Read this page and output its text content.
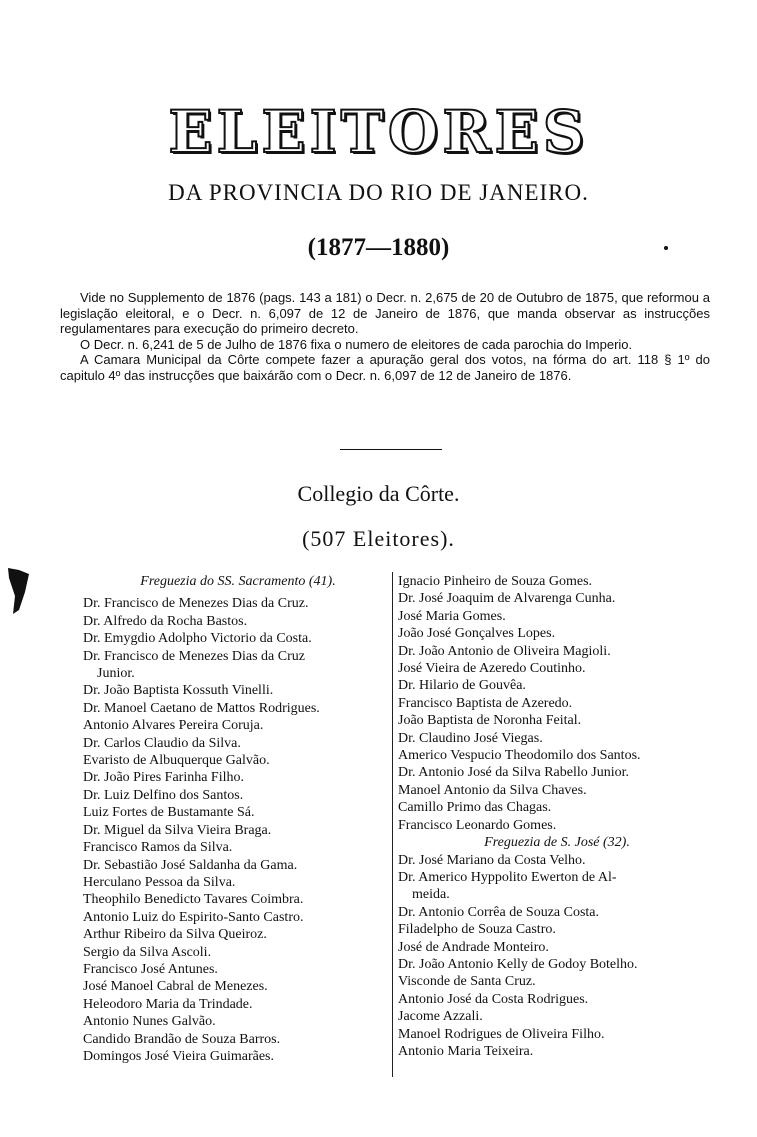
ELEITORES
DA PROVINCIA DO RIO DE JANEIRO.
(1877—1880)

Vide no Supplemento de 1876 (pags. 143 a 181) o Decr. n. 2,675 de 20 de Outubro de 1875, que reformou a legislação eleitoral, e o Decr. n. 6,097 de 12 de Janeiro de 1876, que manda observar as instrucções regulamentares para execução do primeiro decreto.

O Decr. n. 6,241 de 5 de Julho de 1876 fixa o numero de eleitores de cada parochia do Imperio.

A Camara Municipal da Côrte compete fazer a apuração geral dos votos, na fórma do art. 118 § 1º do capitulo 4º das instrucções que baixárão com o Decr. n. 6,097 de 12 de Janeiro de 1876.

Collegio da Côrte.
(507 Eleitores).
Freguezia do SS. Sacramento (41).
Dr. Francisco de Menezes Dias da Cruz.
Dr. Alfredo da Rocha Bastos.
Dr. Emygdio Adolpho Victorio da Costa.
Dr. Francisco de Menezes Dias da Cruz
Junior.
Dr. João Baptista Kossuth Vinelli.
Dr. Manoel Caetano de Mattos Rodrigues.
Antonio Alvares Pereira Coruja.
Dr. Carlos Claudio da Silva.
Evaristo de Albuquerque Galvão.
Dr. João Pires Farinha Filho.
Dr. Luiz Delfino dos Santos.
Luiz Fortes de Bustamante Sá.
Dr. Miguel da Silva Vieira Braga.
Francisco Ramos da Silva.
Dr. Sebastião José Saldanha da Gama.
Herculano Pessoa da Silva.
Theophilo Benedicto Tavares Coimbra.
Antonio Luiz do Espirito-Santo Castro.
Arthur Ribeiro da Silva Queiroz.
Sergio da Silva Ascoli.
Francisco José Antunes.
José Manoel Cabral de Menezes.
Heleodoro Maria da Trindade.
Antonio Nunes Galvão.
Candido Brandão de Souza Barros.
Domingos José Vieira Guimarães.
Ignacio Pinheiro de Souza Gomes.
Dr. José Joaquim de Alvarenga Cunha.
José Maria Gomes.
João José Gonçalves Lopes.
Dr. João Antonio de Oliveira Magioli.
José Vieira de Azeredo Coutinho.
Dr. Hilario de Gouvêa.
Francisco Baptista de Azeredo.
João Baptista de Noronha Feital.
Dr. Claudino José Viegas.
Americo Vespucio Theodomilo dos Santos.
Dr. Antonio José da Silva Rabello Junior.
Manoel Antonio da Silva Chaves.
Camillo Primo das Chagas.
Francisco Leonardo Gomes.
Freguezia de S. José (32).
Dr. José Mariano da Costa Velho.
Dr. Americo Hyppolito Ewerton de Al-
meida.
Dr. Antonio Corrêa de Souza Costa.
Filadelpho de Souza Castro.
José de Andrade Monteiro.
Dr. João Antonio Kelly de Godoy Botelho.
Visconde de Santa Cruz.
Antonio José da Costa Rodrigues.
Jacome Azzali.
Manoel Rodrigues de Oliveira Filho.
Antonio Maria Teixeira.
